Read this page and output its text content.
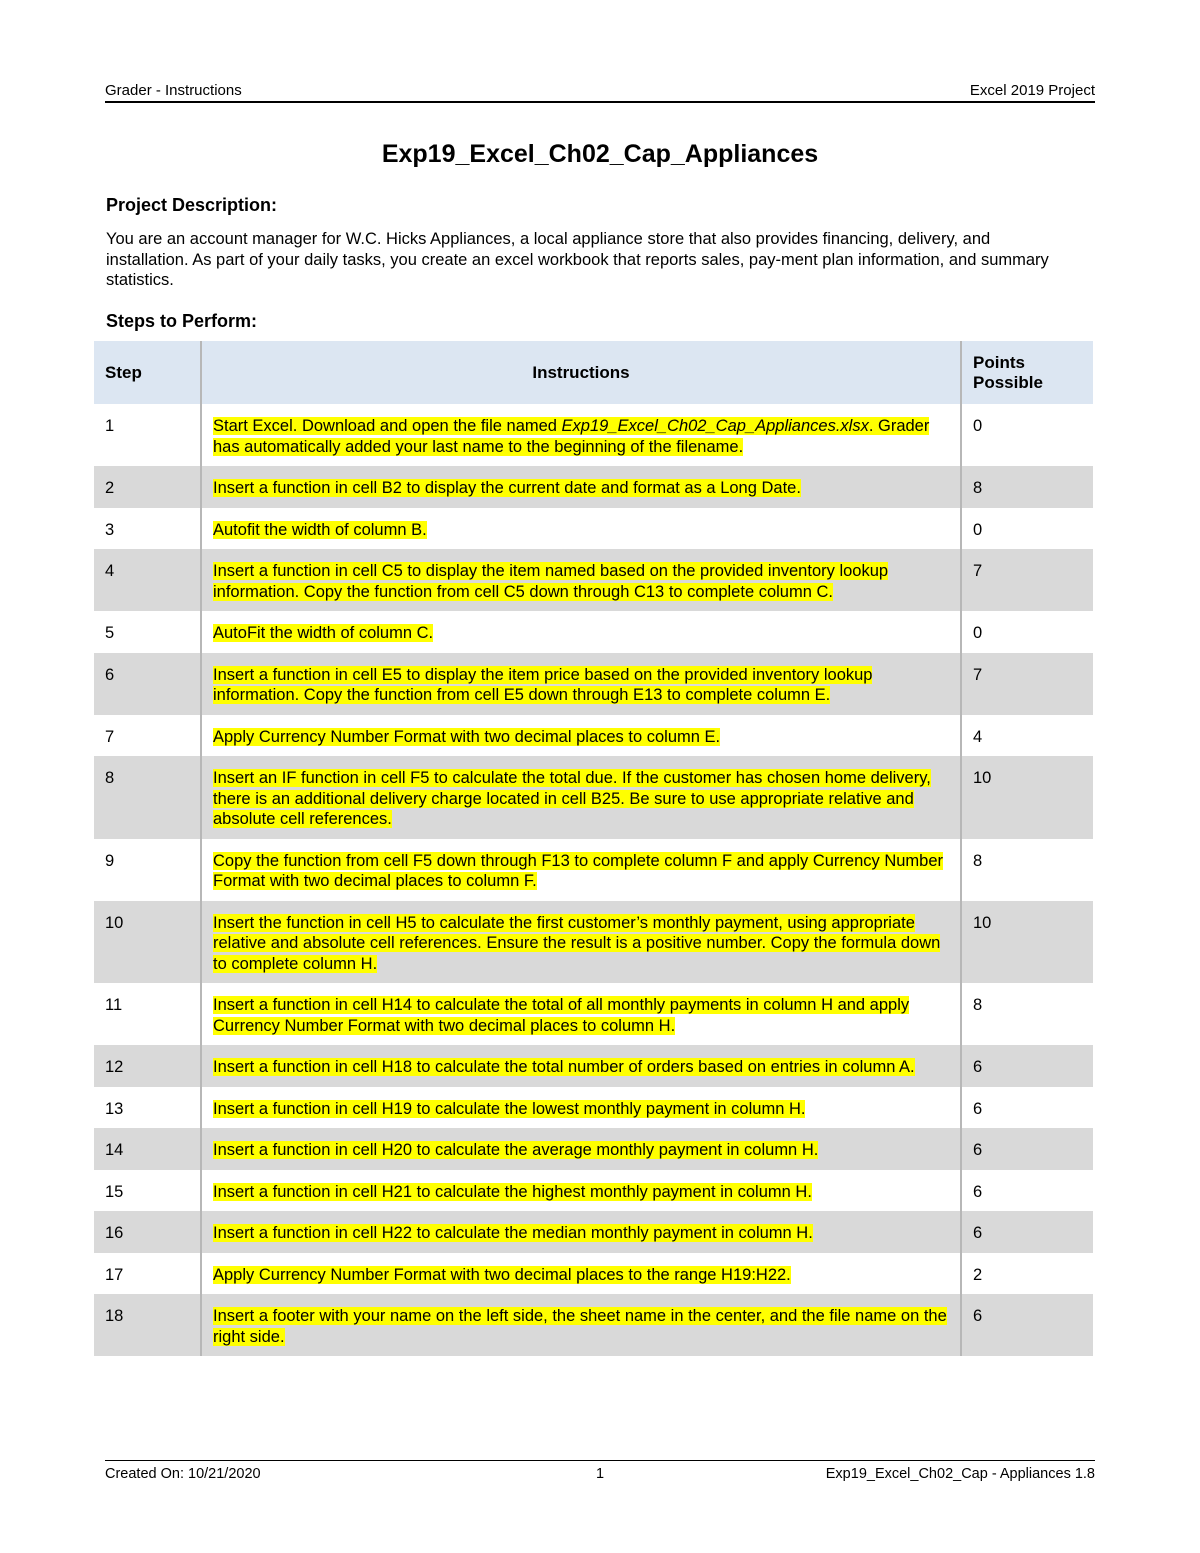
Grader - Instructions	Excel 2019 Project
Exp19_Excel_Ch02_Cap_Appliances
Project Description:
You are an account manager for W.C. Hicks Appliances, a local appliance store that also provides financing, delivery, and installation. As part of your daily tasks, you create an excel workbook that reports sales, pay-ment plan information, and summary statistics.
Steps to Perform:
Step	Instructions	Points Possible
1	Start Excel. Download and open the file named Exp19_Excel_Ch02_Cap_Appliances.xlsx. Grader has automatically added your last name to the beginning of the filename.	0
2	Insert a function in cell B2 to display the current date and format as a Long Date.	8
3	Autofit the width of column B.	0
4	Insert a function in cell C5 to display the item named based on the provided inventory lookup information. Copy the function from cell C5 down through C13 to complete column C.	7
5	AutoFit the width of column C.	0
6	Insert a function in cell E5 to display the item price based on the provided inventory lookup information. Copy the function from cell E5 down through E13 to complete column E.	7
7	Apply Currency Number Format with two decimal places to column E.	4
8	Insert an IF function in cell F5 to calculate the total due. If the customer has chosen home delivery, there is an additional delivery charge located in cell B25. Be sure to use appropriate relative and absolute cell references.	10
9	Copy the function from cell F5 down through F13 to complete column F and apply Currency Number Format with two decimal places to column F.	8
10	Insert the function in cell H5 to calculate the first customer’s monthly payment, using appropriate relative and absolute cell references. Ensure the result is a positive number. Copy the formula down to complete column H.	10
11	Insert a function in cell H14 to calculate the total of all monthly payments in column H and apply Currency Number Format with two decimal places to column H.	8
12	Insert a function in cell H18 to calculate the total number of orders based on entries in column A.	6
13	Insert a function in cell H19 to calculate the lowest monthly payment in column H.	6
14	Insert a function in cell H20 to calculate the average monthly payment in column H.	6
15	Insert a function in cell H21 to calculate the highest monthly payment in column H.	6
16	Insert a function in cell H22 to calculate the median monthly payment in column H.	6
17	Apply Currency Number Format with two decimal places to the range H19:H22.	2
18	Insert a footer with your name on the left side, the sheet name in the center, and the file name on the right side.	6
Created On: 10/21/2020	1	Exp19_Excel_Ch02_Cap - Appliances 1.8
